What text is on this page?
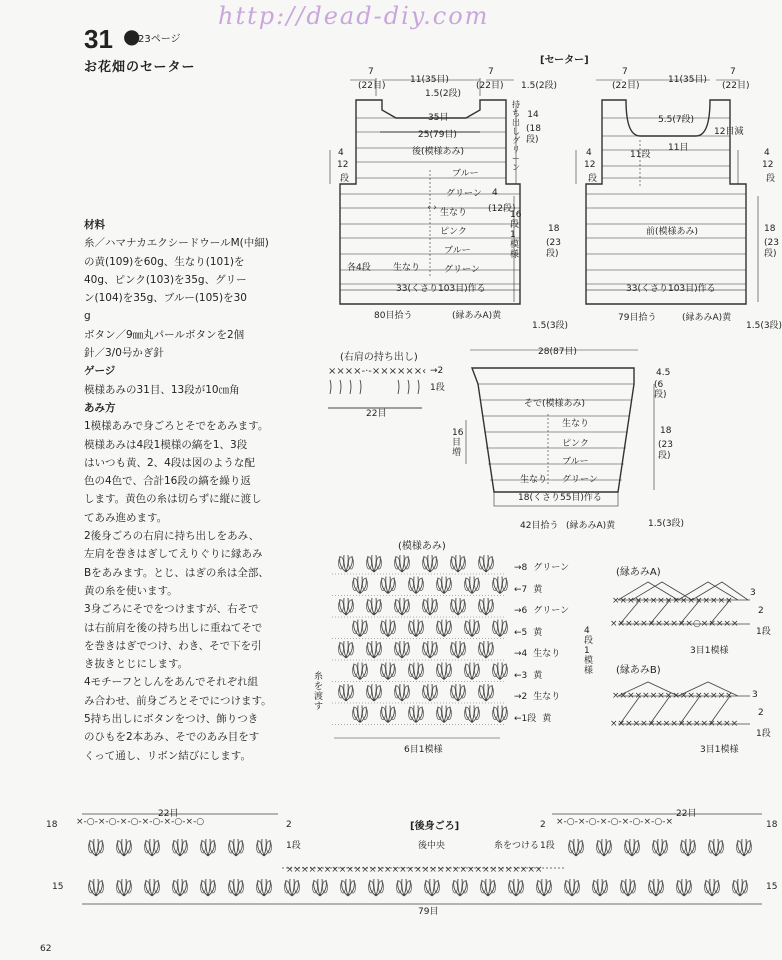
http://dead-diy.com
31 ●
23ページ
お花畑のセーター

材料

糸／ハマナカエクシードウールM(中細)

の黄(109)を60g、生なり(101)を

40g、ピンク(103)を35g、グリー

ン(104)を35g、ブルー(105)を30

g

ボタン／9㎜丸パールボタンを2個

針／3/0号かぎ針

ゲージ

模様あみの31目、13段が10㎝角

あみ方

1模様あみで身ごろとそでをあみます。

模様あみは4段1模様の縞を1、3段

はいつも黄、2、4段は図のような配

色の4色で、合計16段の縞を繰り返

します。黄色の糸は切らずに縦に渡し

てあみ進めます。

2後身ごろの右肩に持ち出しをあみ、

左肩を巻きはぎしてえりぐりに縁あみ

Bをあみます。とじ、はぎの糸は全部、

黄の糸を使います。

3身ごろにそでをつけますが、右そで

は右前肩を後の持ち出しに重ねてそで

を巻きはぎでつけ、わき、そで下を引

き抜きとじにします。

4モチーフとしんをあんでそれぞれ組

み合わせ、前身ごろとそでにつけます。

5持ち出しにボタンをつけ、飾りつき

のひもを2本あみ、そでのあみ目をす

くって通し、リボン結びにします。

[セーター]
(右肩の持ち出し)
(模様あみ)
(縁あみA)
(縁あみB)
[後身ごろ]
62
‹ ›
7
(22目)
11(35目)
7
(22目)
1.5(2段)
1.5(2段)
35目
25(79目)
後(模様あみ)
持ち出しグリーン
14
(18段)
4
12
段
4
(12段)
ブルー
グリーン
生なり
ピンク
ブルー
グリーン
生なり
各4段
16段1模様
18
(23段)
33(くさり103目)作る
80目拾う	(縁あみA)黄
1.5(3段)
7
(22目)
11(35目)
7
(22目)
5.5(7段)
12目減
11目
11段
4
12
段
4
12
段
前(模様あみ)	18
(23段)
33(くさり103目)作る
79目拾う	(縁あみA)黄
1.5(3段)
××××-·-××××××‹ →2
1段
22目
28(87目)
4.5
(6段)
そで(模様あみ)
生なり
ピンク
ブルー
グリーン
生なり
16目増
18
(23段)
18(くさり55目)作る
42目拾う (縁あみA)黄	1.5(3段)
→8 グリーン
←7 黄
→6 グリーン
←5 黄
→4 生なり
←3 黄
→2 生なり
←1段 黄
4段1模様
糸を渡す
6目1模様
×××××××××××○×××××
××××××××××××××××
3
2
1段
3目1模様
×××××××××××××××××
×××××××××××××××× 3
2
1段
3目1模様
×-○-×-○-×-○-×-○-×-○-×-○	×-○-×-○-×-○-×-○-×-○-×
××××××××××××××××××××××××××××××××××
22目	22目
18	2
1段
2
1段
18
15	15
後中央	糸をつける
79目
